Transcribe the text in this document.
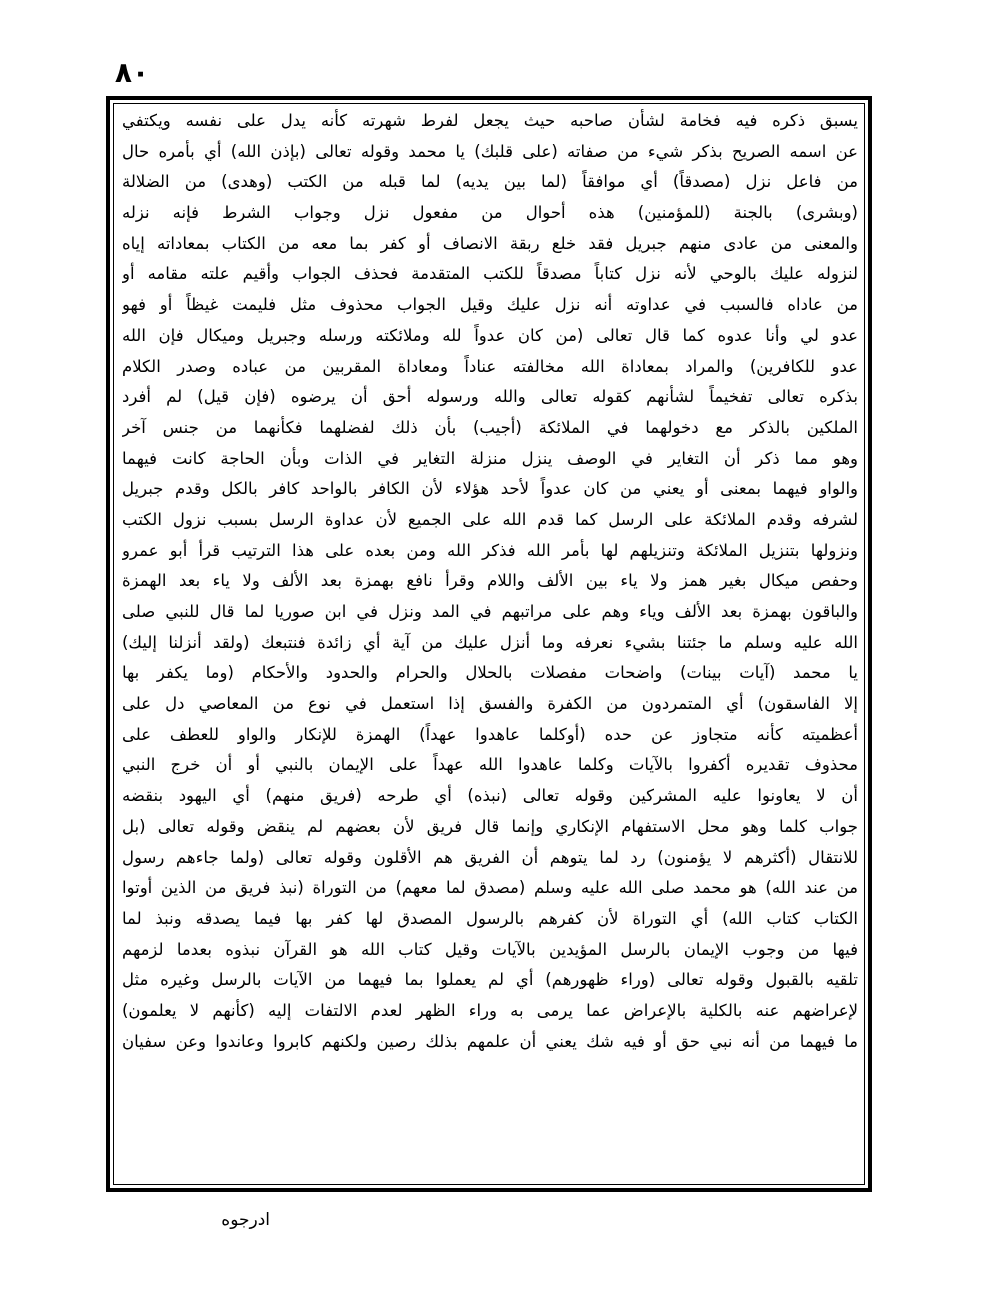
٨٠
يسبق ذكره فيه فخامة لشأن صاحبه حيث يجعل لفرط شهرته كأنه يدل على نفسه ويكتفي
عن اسمه الصريح بذكر شيء من صفاته (على قلبك) يا محمد وقوله تعالى (بإذن الله) أي بأمره حال
من فاعل نزل (مصدقاً) أي موافقاً (لما بين يديه) لما قبله من الكتب (وهدى) من الضلالة
(وبشرى) بالجنة (للمؤمنين) هذه أحوال من مفعول نزل وجواب الشرط فإنه نزله
والمعنى من عادى منهم جبريل فقد خلع ربقة الانصاف أو كفر بما معه من الكتاب بمعاداته إياه
لنزوله عليك بالوحي لأنه نزل كتاباً مصدقاً للكتب المتقدمة فحذف الجواب وأقيم علته مقامه أو
من عاداه فالسبب في عداوته أنه نزل عليك وقيل الجواب محذوف مثل فليمت غيظاً أو فهو
عدو لي وأنا عدوه كما قال تعالى (من كان عدواً لله وملائكته ورسله وجبريل وميكال فإن الله
عدو للكافرين) والمراد بمعاداة الله مخالفته عناداً ومعاداة المقربين من عباده وصدر الكلام
بذكره تعالى تفخيماً لشأنهم كقوله تعالى والله ورسوله أحق أن يرضوه (فإن قيل) لم أفرد
الملكين بالذكر مع دخولهما في الملائكة (أجيب) بأن ذلك لفضلهما فكأنهما من جنس آخر
وهو مما ذكر أن التغاير في الوصف ينزل منزلة التغاير في الذات وبأن الحاجة كانت فيهما
والواو فيهما بمعنى أو يعني من كان عدواً لأحد هؤلاء لأن الكافر بالواحد كافر بالكل وقدم جبريل
لشرفه وقدم الملائكة على الرسل كما قدم الله على الجميع لأن عداوة الرسل بسبب نزول الكتب
ونزولها بتنزيل الملائكة وتنزيلهم لها بأمر الله فذكر الله ومن بعده على هذا الترتيب قرأ أبو عمرو
وحفص ميكال بغير همز ولا ياء بين الألف واللام وقرأ نافع بهمزة بعد الألف ولا ياء بعد الهمزة
والباقون بهمزة بعد الألف وياء وهم على مراتبهم في المد ونزل في ابن صوريا لما قال للنبي صلى
الله عليه وسلم ما جئتنا بشيء نعرفه وما أنزل عليك من آية أي زائدة فنتبعك (ولقد أنزلنا إليك)
يا محمد (آيات بينات) واضحات مفصلات بالحلال والحرام والحدود والأحكام (وما يكفر بها
إلا الفاسقون) أي المتمردون من الكفرة والفسق إذا استعمل في نوع من المعاصي دل على
أعظميته كأنه متجاوز عن حده (أوكلما عاهدوا عهداً) الهمزة للإنكار والواو للعطف على
محذوف تقديره أكفروا بالآيات وكلما عاهدوا الله عهداً على الإيمان بالنبي أو أن خرج النبي
أن لا يعاونوا عليه المشركين وقوله تعالى (نبذه) أي طرحه (فريق منهم) أي اليهود بنقضه
جواب كلما وهو محل الاستفهام الإنكاري وإنما قال فريق لأن بعضهم لم ينقض وقوله تعالى (بل
للانتقال (أكثرهم لا يؤمنون) رد لما يتوهم أن الفريق هم الأقلون وقوله تعالى (ولما جاءهم رسول
من عند الله) هو محمد صلى الله عليه وسلم (مصدق لما معهم) من التوراة (نبذ فريق من الذين أوتوا
الكتاب كتاب الله) أي التوراة لأن كفرهم بالرسول المصدق لها كفر بها فيما يصدقه ونبذ لما
فيها من وجوب الإيمان بالرسل المؤيدين بالآيات وقيل كتاب الله هو القرآن نبذوه بعدما لزمهم
تلقيه بالقبول وقوله تعالى (وراء ظهورهم) أي لم يعملوا بما فيهما من الآيات بالرسل وغيره مثل
لإعراضهم عنه بالكلية بالإعراض عما يرمى به وراء الظهر لعدم الالتفات إليه (كأنهم لا يعلمون)
ما فيهما من أنه نبي حق أو فيه شك يعني أن علمهم بذلك رصين ولكنهم كابروا وعاندوا وعن سفيان
ادرجوه
